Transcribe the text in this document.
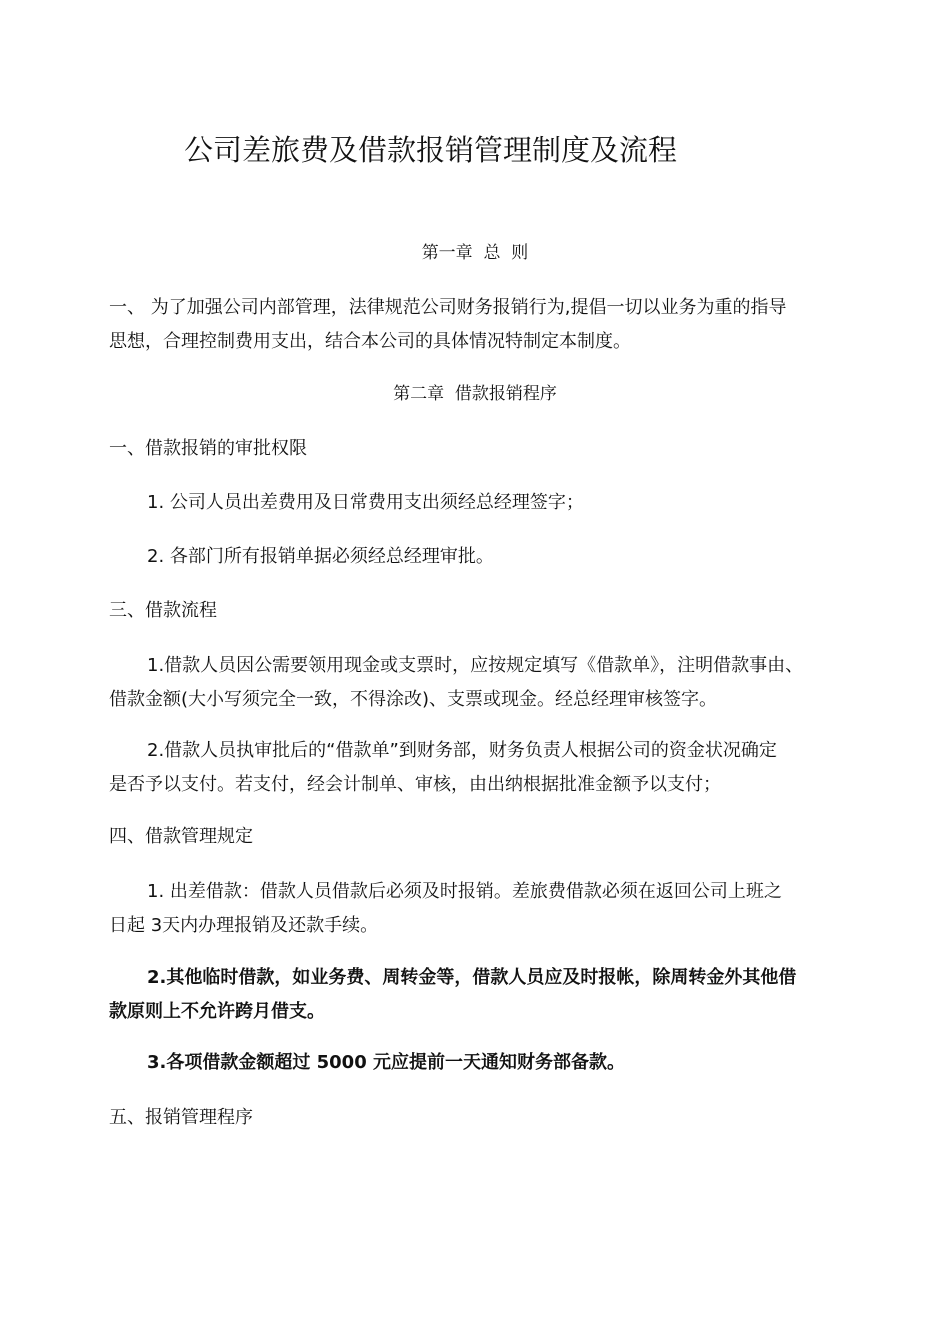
公司差旅费及借款报销管理制度及流程

第一章  总  则

一、 为了加强公司内部管理，法律规范公司财务报销行为,提倡一切以业务为重的指导
思想，合理控制费用支出，结合本公司的具体情况特制定本制度。

第二章  借款报销程序

一、借款报销的审批权限

1. 公司人员出差费用及日常费用支出须经总经理签字；

2. 各部门所有报销单据必须经总经理审批。

三、借款流程

1.借款人员因公需要领用现金或支票时，应按规定填写《借款单》，注明借款事由、
借款金额(大小写须完全一致，不得涂改)、支票或现金。经总经理审核签字。

2.借款人员执审批后的“借款单”到财务部，财务负责人根据公司的资金状况确定
是否予以支付。若支付，经会计制单、审核，由出纳根据批准金额予以支付；

四、借款管理规定

1. 出差借款：借款人员借款后必须及时报销。差旅费借款必须在返回公司上班之
日起 3天内办理报销及还款手续。

2.其他临时借款，如业务费、周转金等，借款人员应及时报帐，除周转金外其他借
款原则上不允许跨月借支。

3.各项借款金额超过 5000 元应提前一天通知财务部备款。

五、报销管理程序
